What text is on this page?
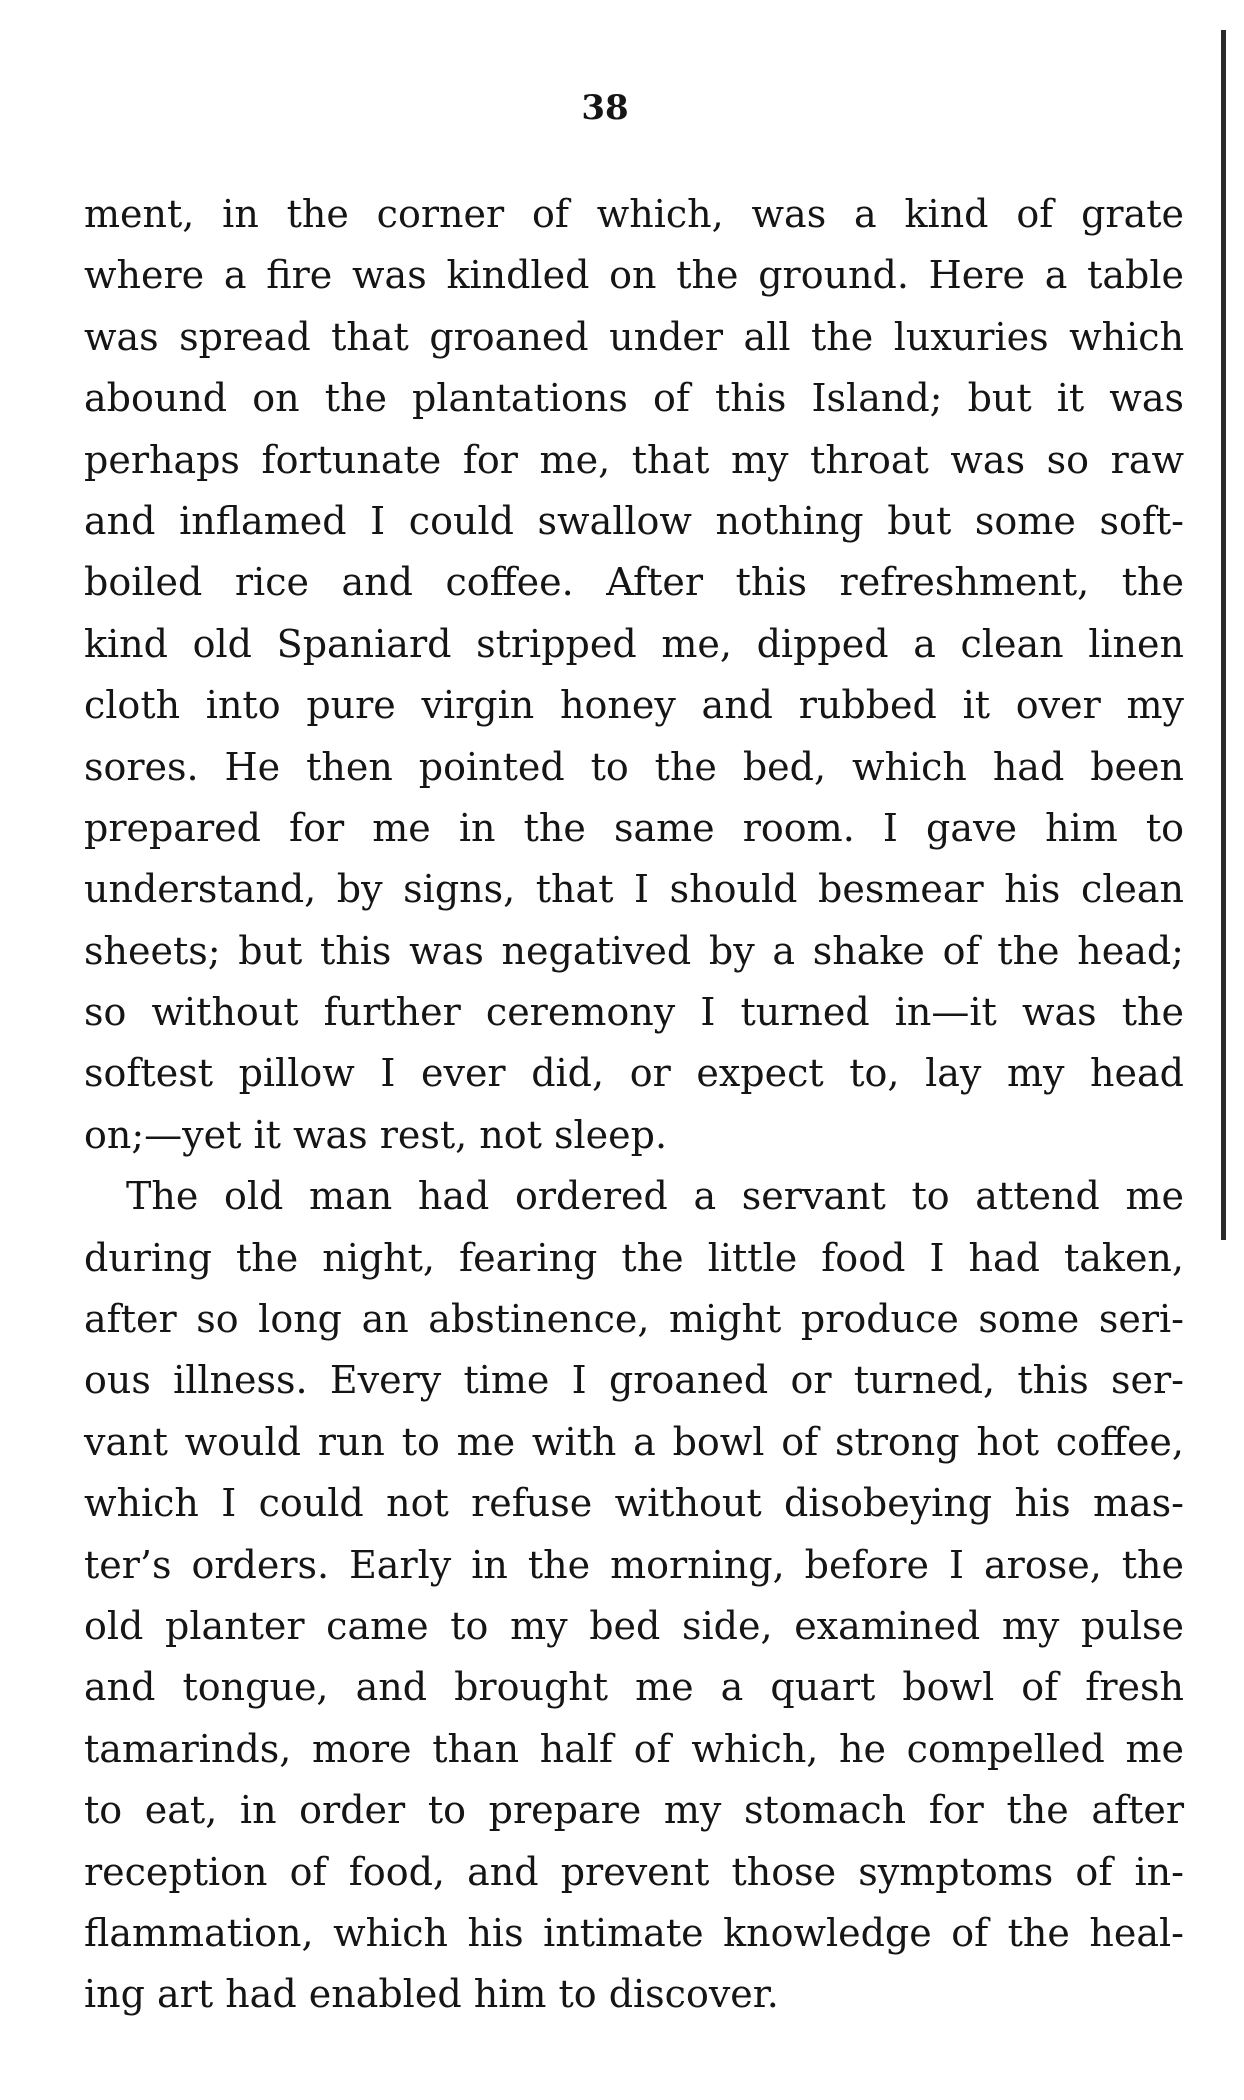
38
ment, in the corner of which, was a kind of grate
where a fire was kindled on the ground. Here a table
was spread that groaned under all the luxuries which
abound on the plantations of this Island; but it was
perhaps fortunate for me, that my throat was so raw
and inflamed I could swallow nothing but some soft-
boiled rice and coffee. After this refreshment, the
kind old Spaniard stripped me, dipped a clean linen
cloth into pure virgin honey and rubbed it over my
sores. He then pointed to the bed, which had been
prepared for me in the same room. I gave him to
understand, by signs, that I should besmear his clean
sheets; but this was negatived by a shake of the head;
so without further ceremony I turned in—it was the
softest pillow I ever did, or expect to, lay my head
on;—yet it was rest, not sleep.
The old man had ordered a servant to attend me
during the night, fearing the little food I had taken,
after so long an abstinence, might produce some seri-
ous illness. Every time I groaned or turned, this ser-
vant would run to me with a bowl of strong hot coffee,
which I could not refuse without disobeying his mas-
ter’s orders. Early in the morning, before I arose, the
old planter came to my bed side, examined my pulse
and tongue, and brought me a quart bowl of fresh
tamarinds, more than half of which, he compelled me
to eat, in order to prepare my stomach for the after
reception of food, and prevent those symptoms of in-
flammation, which his intimate knowledge of the heal-
ing art had enabled him to discover.
